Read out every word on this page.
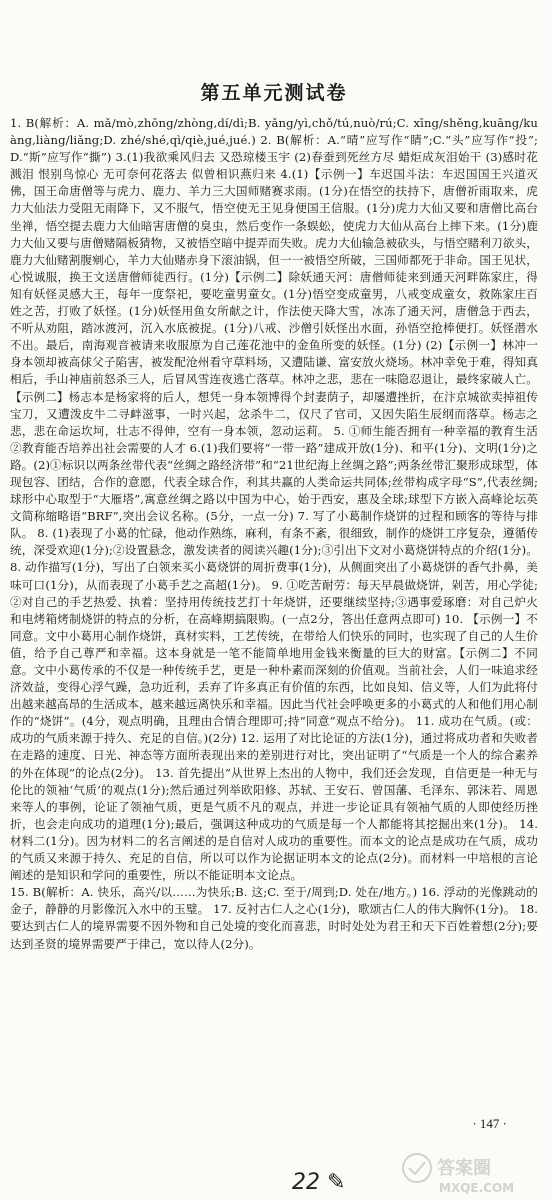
第五单元测试卷

1. B(解析：A. mǎ/mò,zhōng/zhòng,dí/dì;B. yǎng/yì,chǒ/tú,nuò/rú;C. xīng/shěng,kuāng/kuàng,liàng/liǎng;D. zhé/shé,qì/qiè,jué,jué.) 2. B(解析：A.“晴”应写作“睛”;C.“头”应写作“投”;D.“斯”应写作“撕”) 3.(1)我欲乘风归去 又恐琼楼玉宇 (2)春蚕到死丝方尽 蜡炬成灰泪始干 (3)感时花溅泪 恨别鸟惊心 无可奈何花落去 似曾相识燕归来 4.(1)【示例一】车迟国斗法：车迟国国王兴道灭佛，国王命唐僧等与虎力、鹿力、羊力三大国师赌赛求雨。(1分)在悟空的扶持下，唐僧祈雨取来，虎力大仙法力受阻无雨降下，又不服气，悟空使无王见身便国王信服。(1分)虎力大仙又要和唐僧比高台坐禅，悟空提去鹿力大仙暗害唐僧的臭虫，然后变作一条蜈蚣，使虎力大仙从高台上摔下来。(1分)鹿力大仙又要与唐僧赌隔板猜物，又被悟空暗中提弄而失败。虎力大仙输急被砍头，与悟空赌利刀欲头，鹿力大仙赌割腹剜心，羊力大仙赌赤身下滚油锅，但一一被悟空所破，三国师都死于非命。国王见状，心悦诚服，换王文送唐僧师徒西行。(1分)【示例二】除妖通天河：唐僧师徒来到通天河畔陈家庄，得知有妖怪灵感大王，每年一度祭祀，要吃童男童女。(1分)悟空变成童男，八戒变成童女，救陈家庄百姓之苦，打败了妖怪。(1分)妖怪用鱼女所献之计，作法使天降大雪，冰冻了通天河，唐僧急于西去，不听从劝阻，踏冰渡河，沉入水底被捉。(1分)八戒、沙僧引妖怪出水面，孙悟空抢棒便打。妖怪潜水不出。最后，南海观音被请来收服原为自己莲花池中的金鱼所变的妖怪。(1分) (2)【示例一】林冲一身本领却被高俅父子陷害，被发配沧州看守草料场，又遭陆谦、富安放火烧场。林冲幸免于难，得知真相后，手山神庙前怒杀三人，后冒风雪连夜逃亡落草。林冲之悲，悲在一味隐忍退让，最终家破人亡。【示例二】杨志本是杨家将的后人，想凭一身本领博得个封妻荫子，却屡遭挫折，在汴京城欲卖掉祖传宝刀，又遭泼皮牛二寻衅滋事，一时兴起，忿杀牛二，仅尺了官司，又因失陷生辰纲而落草。杨志之悲，悲在命运坎坷，壮志不得伸，空有一身本领，忽动运莉。 5. ①师生能否拥有一种幸福的教育生活 ②教育能否培养出社会需要的人才 6.(1)我们要将“一带一路”建成开放(1分)、和平(1分)、文明(1分)之路。(2)①标识以两条丝带代表“丝绸之路经济带”和“21世纪海上丝绸之路”;两条丝带汇聚形成球型，体现包容、团结，合作的意愿，代表全球合作，利其共赢的人类命运共同体;丝带构成字母“S”,代表丝绸;球形中心取型于“大雁塔”,寓意丝绸之路以中国为中心，始于西安，惠及全球;球型下方嵌入高峰论坛英文简称缩略语“BRF”,突出会议名称。(5分，一点一分) 7. 写了小葛制作烧饼的过程和顾客的等待与排队。 8. (1)表现了小葛的忙碌，他动作熟练，麻利，有条不紊，很细致，制作的烧饼工序复杂，遵循传统，深受欢迎(1分);②设置悬念，激发读者的阅读兴趣(1分);③引出下文对小葛烧饼特点的介绍(1分)。 8. 动作描写(1分)，写出了白领来买小葛烧饼的周折费事(1分)，从侧面突出了小葛烧饼的香气扑鼻，美味可口(1分)，从而表现了小葛手艺之高超(1分)。 9. ①吃苦耐劳：每天早晨做烧饼，剁苦，用心学徒;②对自己的手艺热爱、执着：坚持用传统技艺打十年烧饼，还要继续坚持;③遇事爱琢磨：对自己炉火和电烤箱烤制烧饼的特点的分析，在高峰期搞限购。(一点2分，答出任意两点即可) 10. 【示例一】不同意。文中小葛用心制作烧饼，真材实料，工艺传统，在带给人们快乐的同时，也实现了自己的人生价值，给予自己尊严和幸福。这本身就是一笔不能简单地用金钱来衡量的巨大的财富。【示例二】不同意。文中小葛传承的不仅是一种传统手艺，更是一种朴素而深刻的价值观。当前社会，人们一味追求经济效益，变得心浮气躁，急功近利，丢弃了许多真正有价值的东西，比如良知、信义等，人们为此将付出越来越高昂的生活成本，越来越远离快乐和幸福。因此当代社会呼唤更多的小葛式的人和他们用心制作的“烧饼”。(4分，观点明确，且理由合情合理即可;持“同意”观点不给分)。 11. 成功在气质。(或：成功的气质来源于持久、充足的自信。)(2分) 12. 运用了对比论证的方法(1分)，通过将成功者和失败者在走路的速度、日光、神态等方面所表现出来的差别进行对比，突出证明了“气质是一个人的综合素养的外在体现”的论点(2分)。 13. 首先提出“从世界上杰出的人物中，我们还会发现，自信更是一种无与伦比的领袖‘气质’的观点(1分);然后通过列举欧阳修、苏轼、王安石、曾国藩、毛泽东、郭沫若、周恩来等人的事例，论证了领袖气质，更是气质不凡的观点，并进一步论证具有领袖气质的人即使经历挫折，也会走向成功的道理(1分);最后，强调这种成功的气质是每一个人都能将其挖掘出来(1分)。 14. 材料二(1分)。因为材料二的名言阐述的是自信对人成功的重要性。而本文的论点是成功在气质，成功的气质又来源于持久、充足的自信，所以可以作为论据证明本文的论点(2分)。而材料一中培根的言论阐述的是知识和学问的重要性，所以不能证明本文论点。

15. B(解析：A. 快乐，高兴/以……为快乐;B. 这;C. 至于/周到;D. 处在/地方。) 16. 浮动的光像跳动的金子，静静的月影像沉入水中的玉璧。 17. 反衬古仁人之心(1分)，歌颂古仁人的伟大胸怀(1分)。 18. 要达到古仁人的境界需要不因外物和自己处境的变化而喜悲，时时处处为君王和天下百姓着想(2分);要达到圣贤的境界需要严于律己，宽以待人(2分)。

· 147 ·
22 ✎
答案圈
MXQE.COM
